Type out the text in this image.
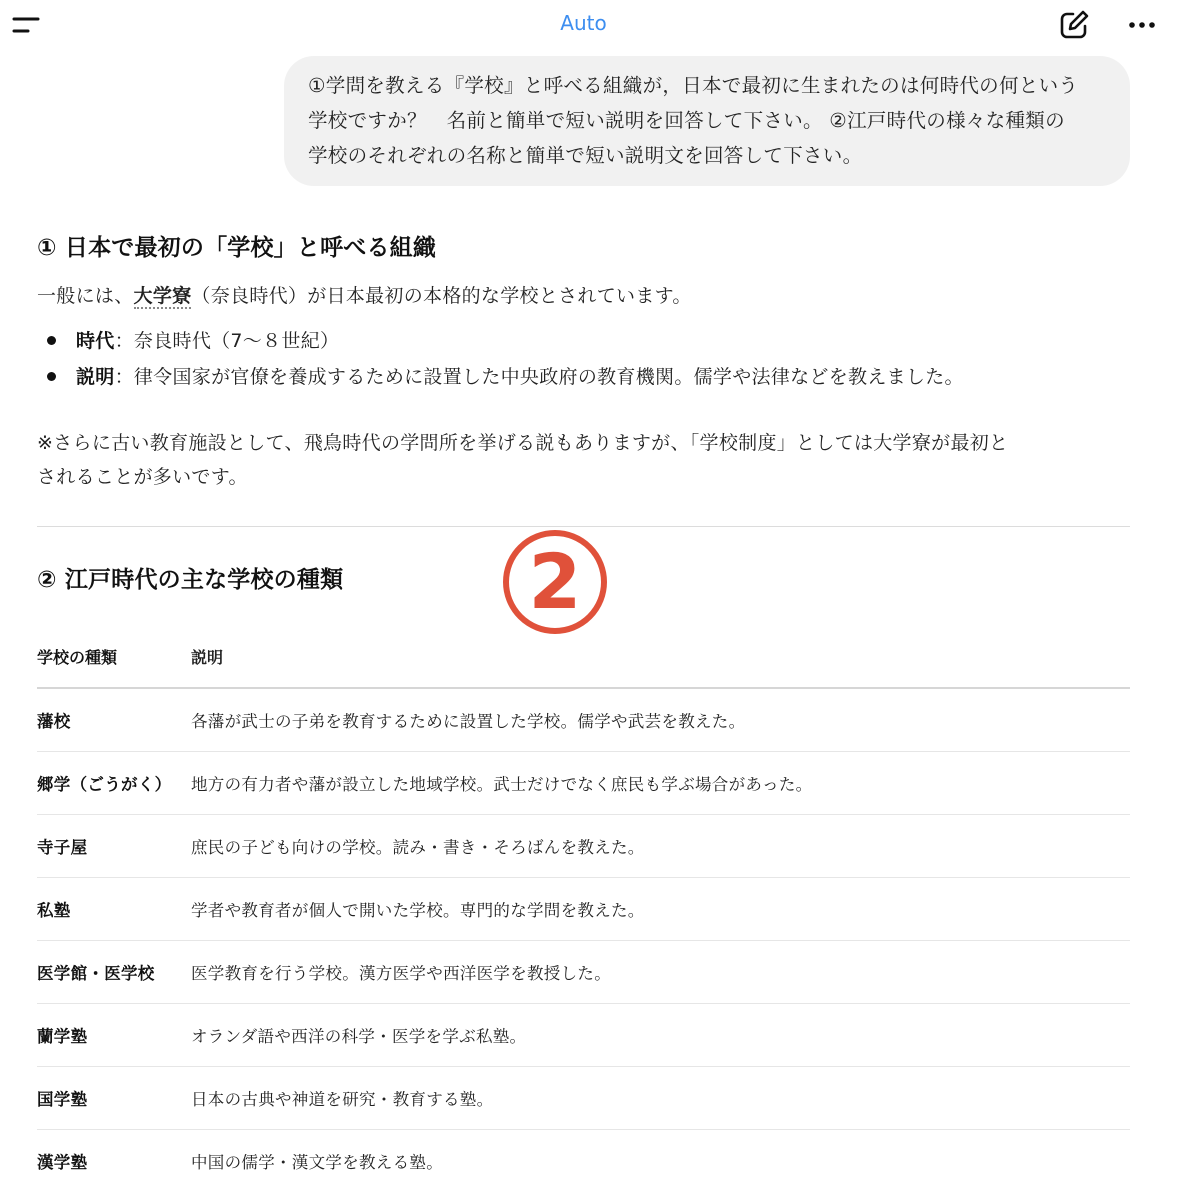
Auto
①学問を教える『学校』と呼べる組織が，日本で最初に生まれたのは何時代の何という
学校ですか？　名前と簡単で短い説明を回答して下さい。 ②江戸時代の様々な種類の
学校のそれぞれの名称と簡単で短い説明文を回答して下さい。
① 日本で最初の「学校」と呼べる組織
一般には、大学寮（奈良時代）が日本最初の本格的な学校とされています。
時代：奈良時代（7〜８世紀）
説明：律令国家が官僚を養成するために設置した中央政府の教育機関。儒学や法律などを教えました。
※さらに古い教育施設として、飛鳥時代の学問所を挙げる説もありますが、「学校制度」としては大学寮が最初と
されることが多いです。
② 江戸時代の主な学校の種類 2
学校の種類	説明
藩校	各藩が武士の子弟を教育するために設置した学校。儒学や武芸を教えた。
郷学（ごうがく）	地方の有力者や藩が設立した地域学校。武士だけでなく庶民も学ぶ場合があった。
寺子屋	庶民の子ども向けの学校。読み・書き・そろばんを教えた。
私塾	学者や教育者が個人で開いた学校。専門的な学問を教えた。
医学館・医学校	医学教育を行う学校。漢方医学や西洋医学を教授した。
蘭学塾	オランダ語や西洋の科学・医学を学ぶ私塾。
国学塾	日本の古典や神道を研究・教育する塾。
漢学塾	中国の儒学・漢文学を教える塾。
